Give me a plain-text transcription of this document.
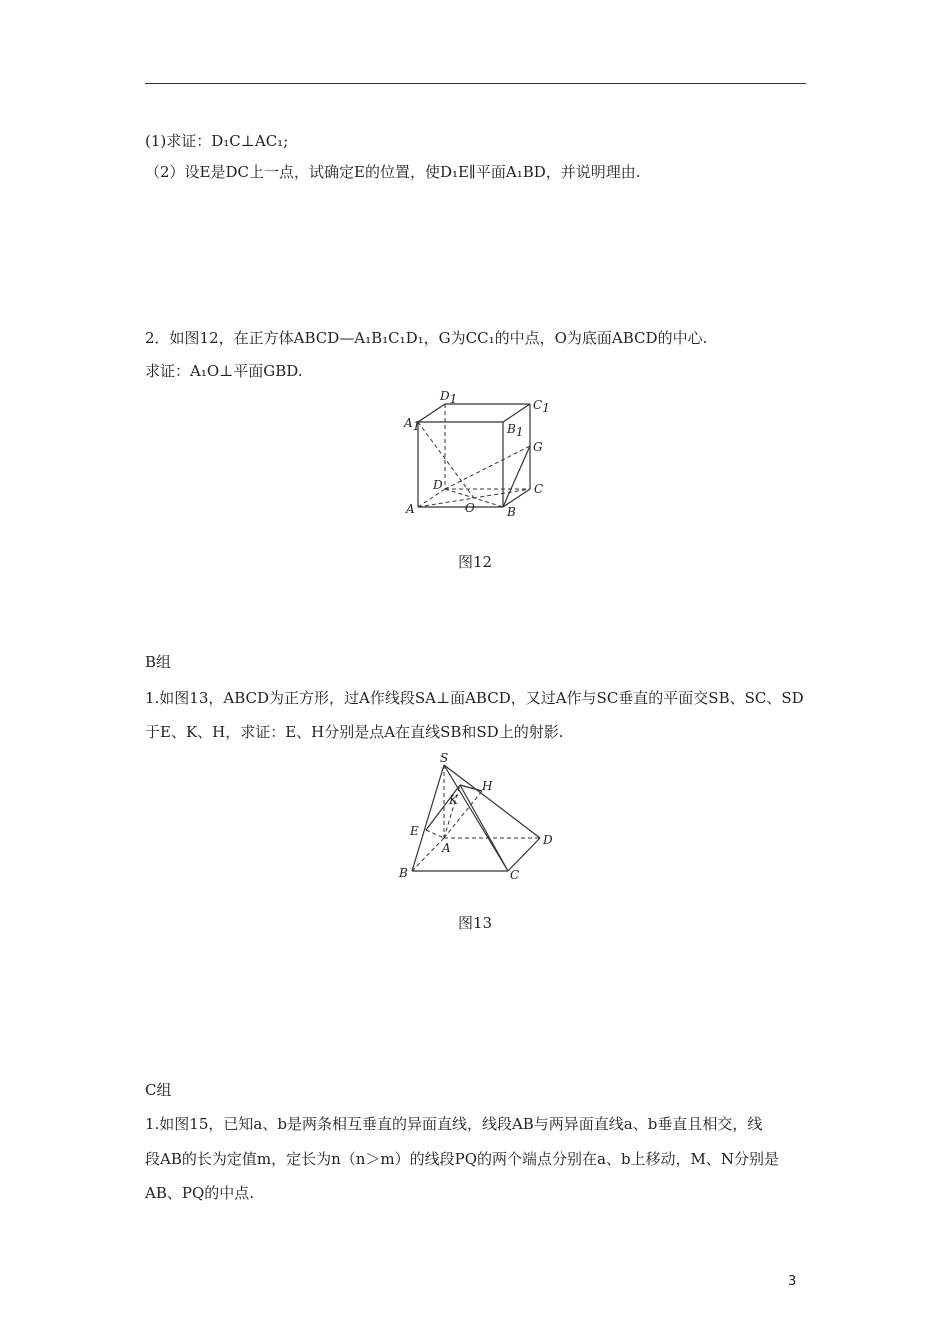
(1)求证：D₁C⊥AC₁;
（2）设E是DC上一点，试确定E的位置，使D₁E∥平面A₁BD，并说明理由.
2．如图12，在正方体ABCD—A₁B₁C₁D₁，G为CC₁的中点，O为底面ABCD的中心.
求证：A₁O⊥平面GBD.
D1	C1
A1	B1
G
D	C
A	O	B
图12
B组
1.如图13，ABCD为正方形，过A作线段SA⊥面ABCD，又过A作与SC垂直的平面交SB、SC、SD
于E、K、H，求证：E、H分别是点A在直线SB和SD上的射影.
S
H
K
E
A
D
B	C
图13
C组
1.如图15，已知a、b是两条相互垂直的异面直线，线段AB与两异面直线a、b垂直且相交，线
段AB的长为定值m，定长为n（n＞m）的线段PQ的两个端点分别在a、b上移动，M、N分别是
AB、PQ的中点.
3
